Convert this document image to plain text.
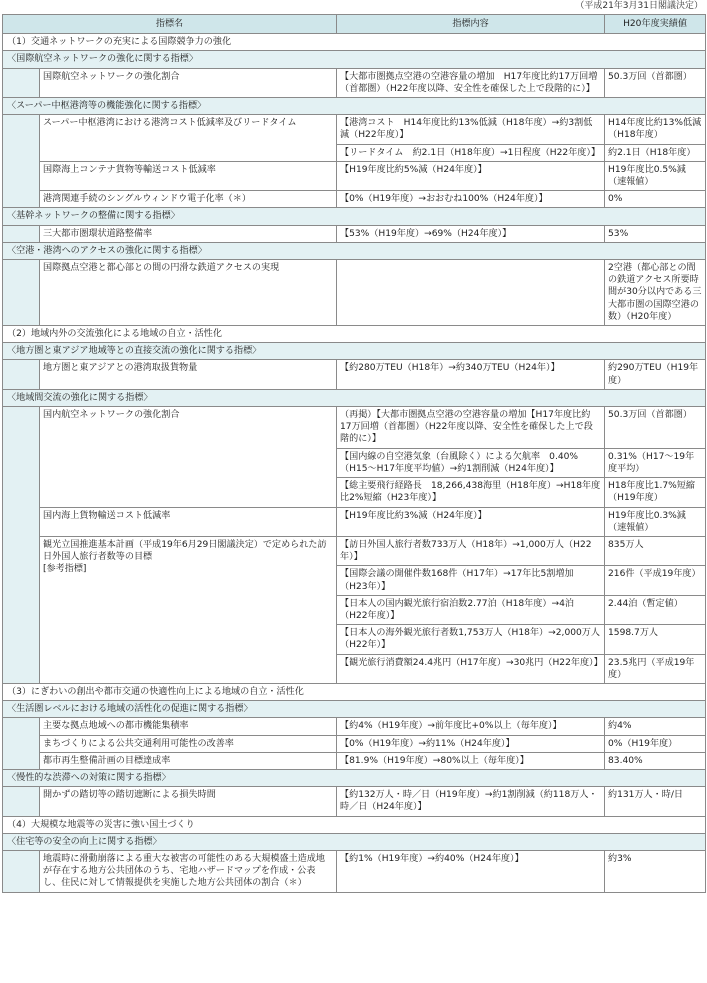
（平成21年3月31日閣議決定）
指標名		指標内容	H20年度実績値
（1）交通ネットワークの充実による国際競争力の強化			
〈国際航空ネットワークの強化に関する指標〉			
	国際航空ネットワークの強化割合	【大都市圏拠点空港の空港容量の増加　H17年度比約17万回増（首都圏）（H22年度以降、安全性を確保した上で段階的に）】	50.3万回（首都圏）
〈スーパー中枢港湾等の機能強化に関する指標〉			
	スーパー中枢港湾における港湾コスト低減率及びリードタイム	【港湾コスト　H14年度比約13%低減（H18年度）→約3割低減（H22年度）】	H14年度比約13%低減（H18年度）
		【リードタイム　約2.1日（H18年度）→1日程度（H22年度）】	約2.1日（H18年度）
	国際海上コンテナ貨物等輸送コスト低減率	【H19年度比約5%減（H24年度）】	H19年度比0.5%減（速報値）
	港湾関連手続のシングルウィンドウ電子化率（＊）	【0%（H19年度）→おおむね100%（H24年度）】	0%
〈基幹ネットワークの整備に関する指標〉			
	三大都市圏環状道路整備率	【53%（H19年度）→69%（H24年度）】	53%
〈空港・港湾へのアクセスの強化に関する指標〉			
	国際拠点空港と都心部との間の円滑な鉄道アクセスの実現		2空港（都心部との間の鉄道アクセス所要時間が30分以内である三大都市圏の国際空港の数）（H20年度）
（2）地域内外の交流強化による地域の自立・活性化			
〈地方圏と東アジア地域等との直接交流の強化に関する指標〉			
	地方圏と東アジアとの港湾取扱貨物量	【約280万TEU（H18年）→約340万TEU（H24年）】	約290万TEU（H19年度）
〈地域間交流の強化に関する指標〉			
	国内航空ネットワークの強化割合	（再掲）【大都市圏拠点空港の空港容量の増加【H17年度比約17万回増（首都圏）（H22年度以降、安全性を確保した上で段階的に）】	50.3万回（首都圏）
		【国内線の自空港気象（台風除く）による欠航率　0.40%（H15～H17年度平均値）→約1割削減（H24年度）】	0.31%（H17～19年度平均）
		【総主要飛行経路長　18,266,438海里（H18年度）→H18年度比2%短縮（H23年度）】	H18年度比1.7%短縮（H19年度）
	国内海上貨物輸送コスト低減率	【H19年度比約3%減（H24年度）】	H19年度比0.3%減（速報値）
	観光立国推進基本計画（平成19年6月29日閣議決定）で定められた訪日外国人旅行者数等の目標
[参考指標]	【訪日外国人旅行者数733万人（H18年）→1,000万人（H22年）】	835万人
		【国際会議の開催件数168件（H17年）→17年比5割増加（H23年）】	216件（平成19年度）
		【日本人の国内観光旅行宿泊数2.77泊（H18年度）→4泊（H22年度）】	2.44泊（暫定値）
		【日本人の海外観光旅行者数1,753万人（H18年）→2,000万人（H22年）】	1598.7万人
		【観光旅行消費額24.4兆円（H17年度）→30兆円（H22年度）】	23.5兆円（平成19年度）
（3）にぎわいの創出や都市交通の快適性向上による地域の自立・活性化			
〈生活圏レベルにおける地域の活性化の促進に関する指標〉			
	主要な拠点地域への都市機能集積率	【約4%（H19年度）→前年度比+0%以上（毎年度）】	約4%
	まちづくりによる公共交通利用可能性の改善率	【0%（H19年度）→約11%（H24年度）】	0%（H19年度）
	都市再生整備計画の目標達成率	【81.9%（H19年度）→80%以上（毎年度）】	83.40%
〈慢性的な渋滞への対策に関する指標〉			
	開かずの踏切等の踏切遮断による損失時間	【約132万人・時／日（H19年度）→約1割削減（約118万人・時／日（H24年度）】	約131万人・時/日
（4）大規模な地震等の災害に強い国土づくり			
〈住宅等の安全の向上に関する指標〉			
	地震時に滑動崩落による重大な被害の可能性のある大規模盛土造成地が存在する地方公共団体のうち、宅地ハザードマップを作成・公表し、住民に対して情報提供を実施した地方公共団体の割合（＊）	【約1%（H19年度）→約40%（H24年度）】	約3%
